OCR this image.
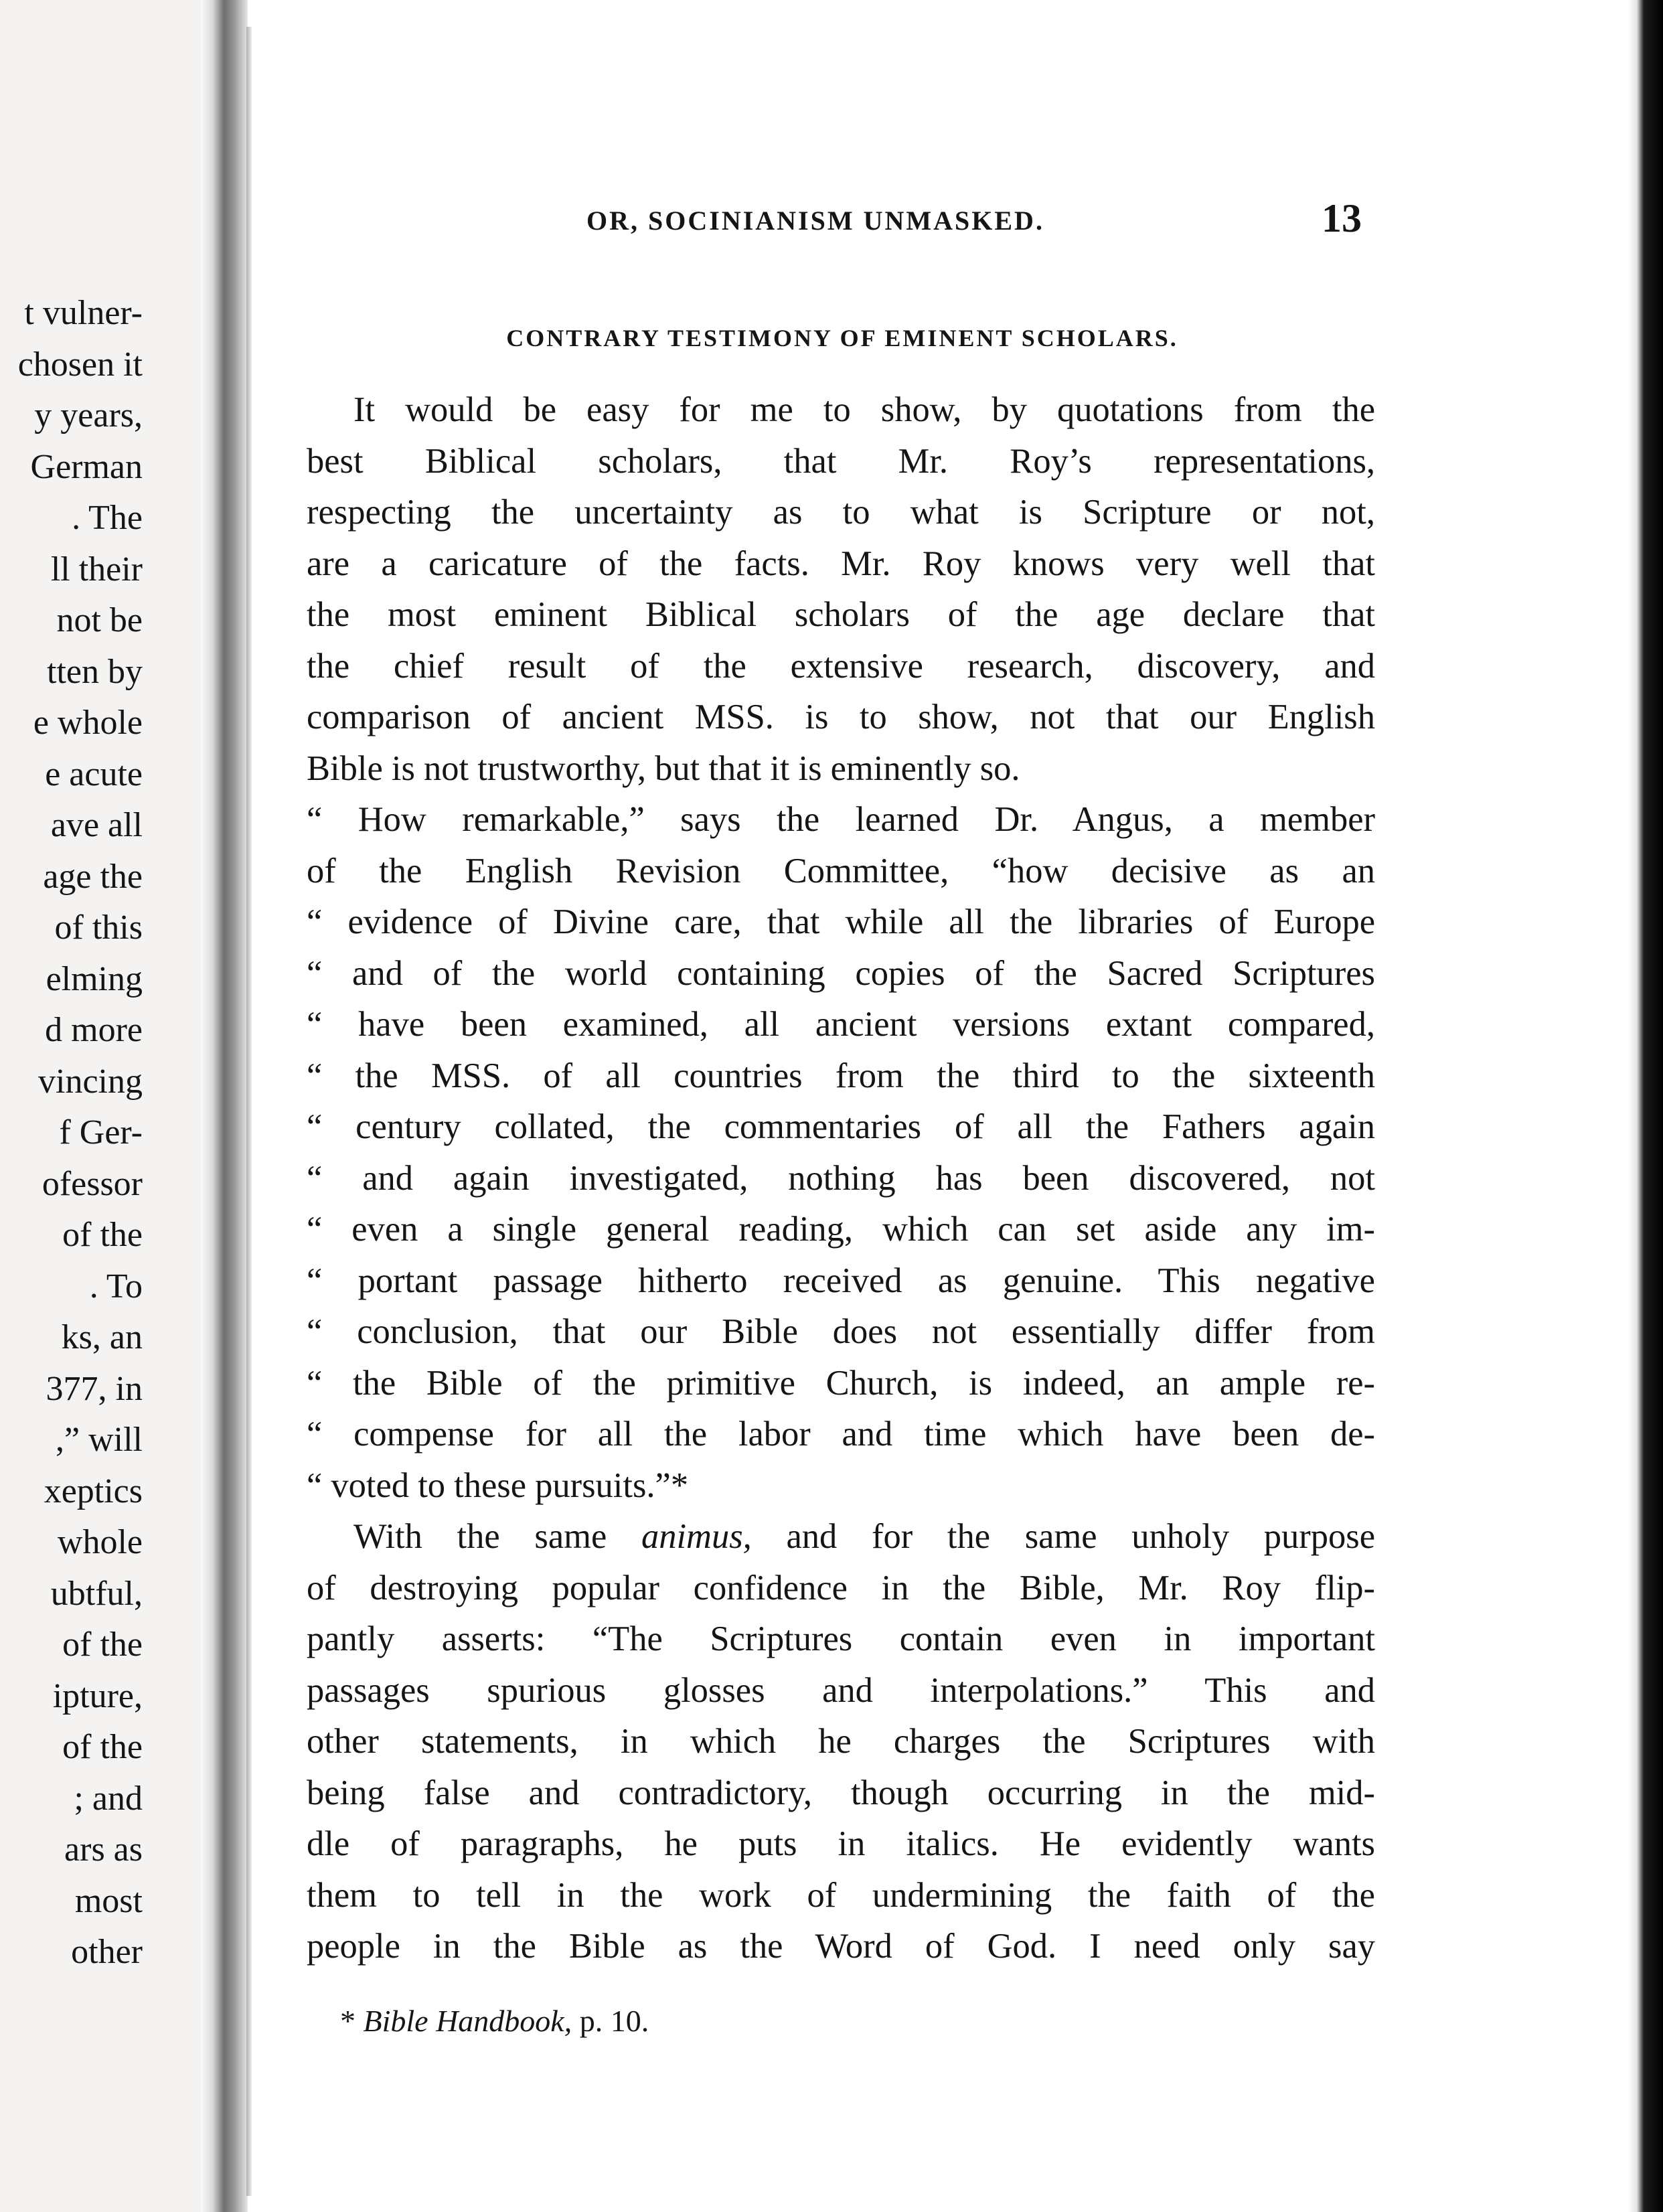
t vulner-
chosen it
y years,
German
. The
ll their
not be
tten by
e whole
e acute
ave all
age the
of this
elming
d more
vincing
f Ger-
ofessor
of the
. To
ks, an
377, in
,” will
xeptics
whole
ubtful,
of the
ipture,
of the
; and
ars as
most
other
OR, SOCINIANISM UNMASKED.	13
CONTRARY TESTIMONY OF EMINENT SCHOLARS.
It would be easy for me to show, by quotations from the
best Biblical scholars, that Mr. Roy’s representations,
respecting the uncertainty as to what is Scripture or not,
are a caricature of the facts. Mr. Roy knows very well that
the most eminent Biblical scholars of the age declare that
the chief result of the extensive research, discovery, and
comparison of ancient MSS. is to show, not that our English
Bible is not trustworthy, but that it is eminently so.
“ How remarkable,” says the learned Dr. Angus, a member
of the English Revision Committee, “how decisive as an
“ evidence of Divine care, that while all the libraries of Europe
“ and of the world containing copies of the Sacred Scriptures
“ have been examined, all ancient versions extant compared,
“ the MSS. of all countries from the third to the sixteenth
“ century collated, the commentaries of all the Fathers again
“ and again investigated, nothing has been discovered, not
“ even a single general reading, which can set aside any im-
“ portant passage hitherto received as genuine. This negative
“ conclusion, that our Bible does not essentially differ from
“ the Bible of the primitive Church, is indeed, an ample re-
“ compense for all the labor and time which have been de-
“ voted to these pursuits.”*
With the same animus, and for the same unholy purpose
of destroying popular confidence in the Bible, Mr. Roy flip-
pantly asserts: “The Scriptures contain even in important
passages spurious glosses and interpolations.” This and
other statements, in which he charges the Scriptures with
being false and contradictory, though occurring in the mid-
dle of paragraphs, he puts in italics. He evidently wants
them to tell in the work of undermining the faith of the
people in the Bible as the Word of God. I need only say
* Bible Handbook, p. 10.
